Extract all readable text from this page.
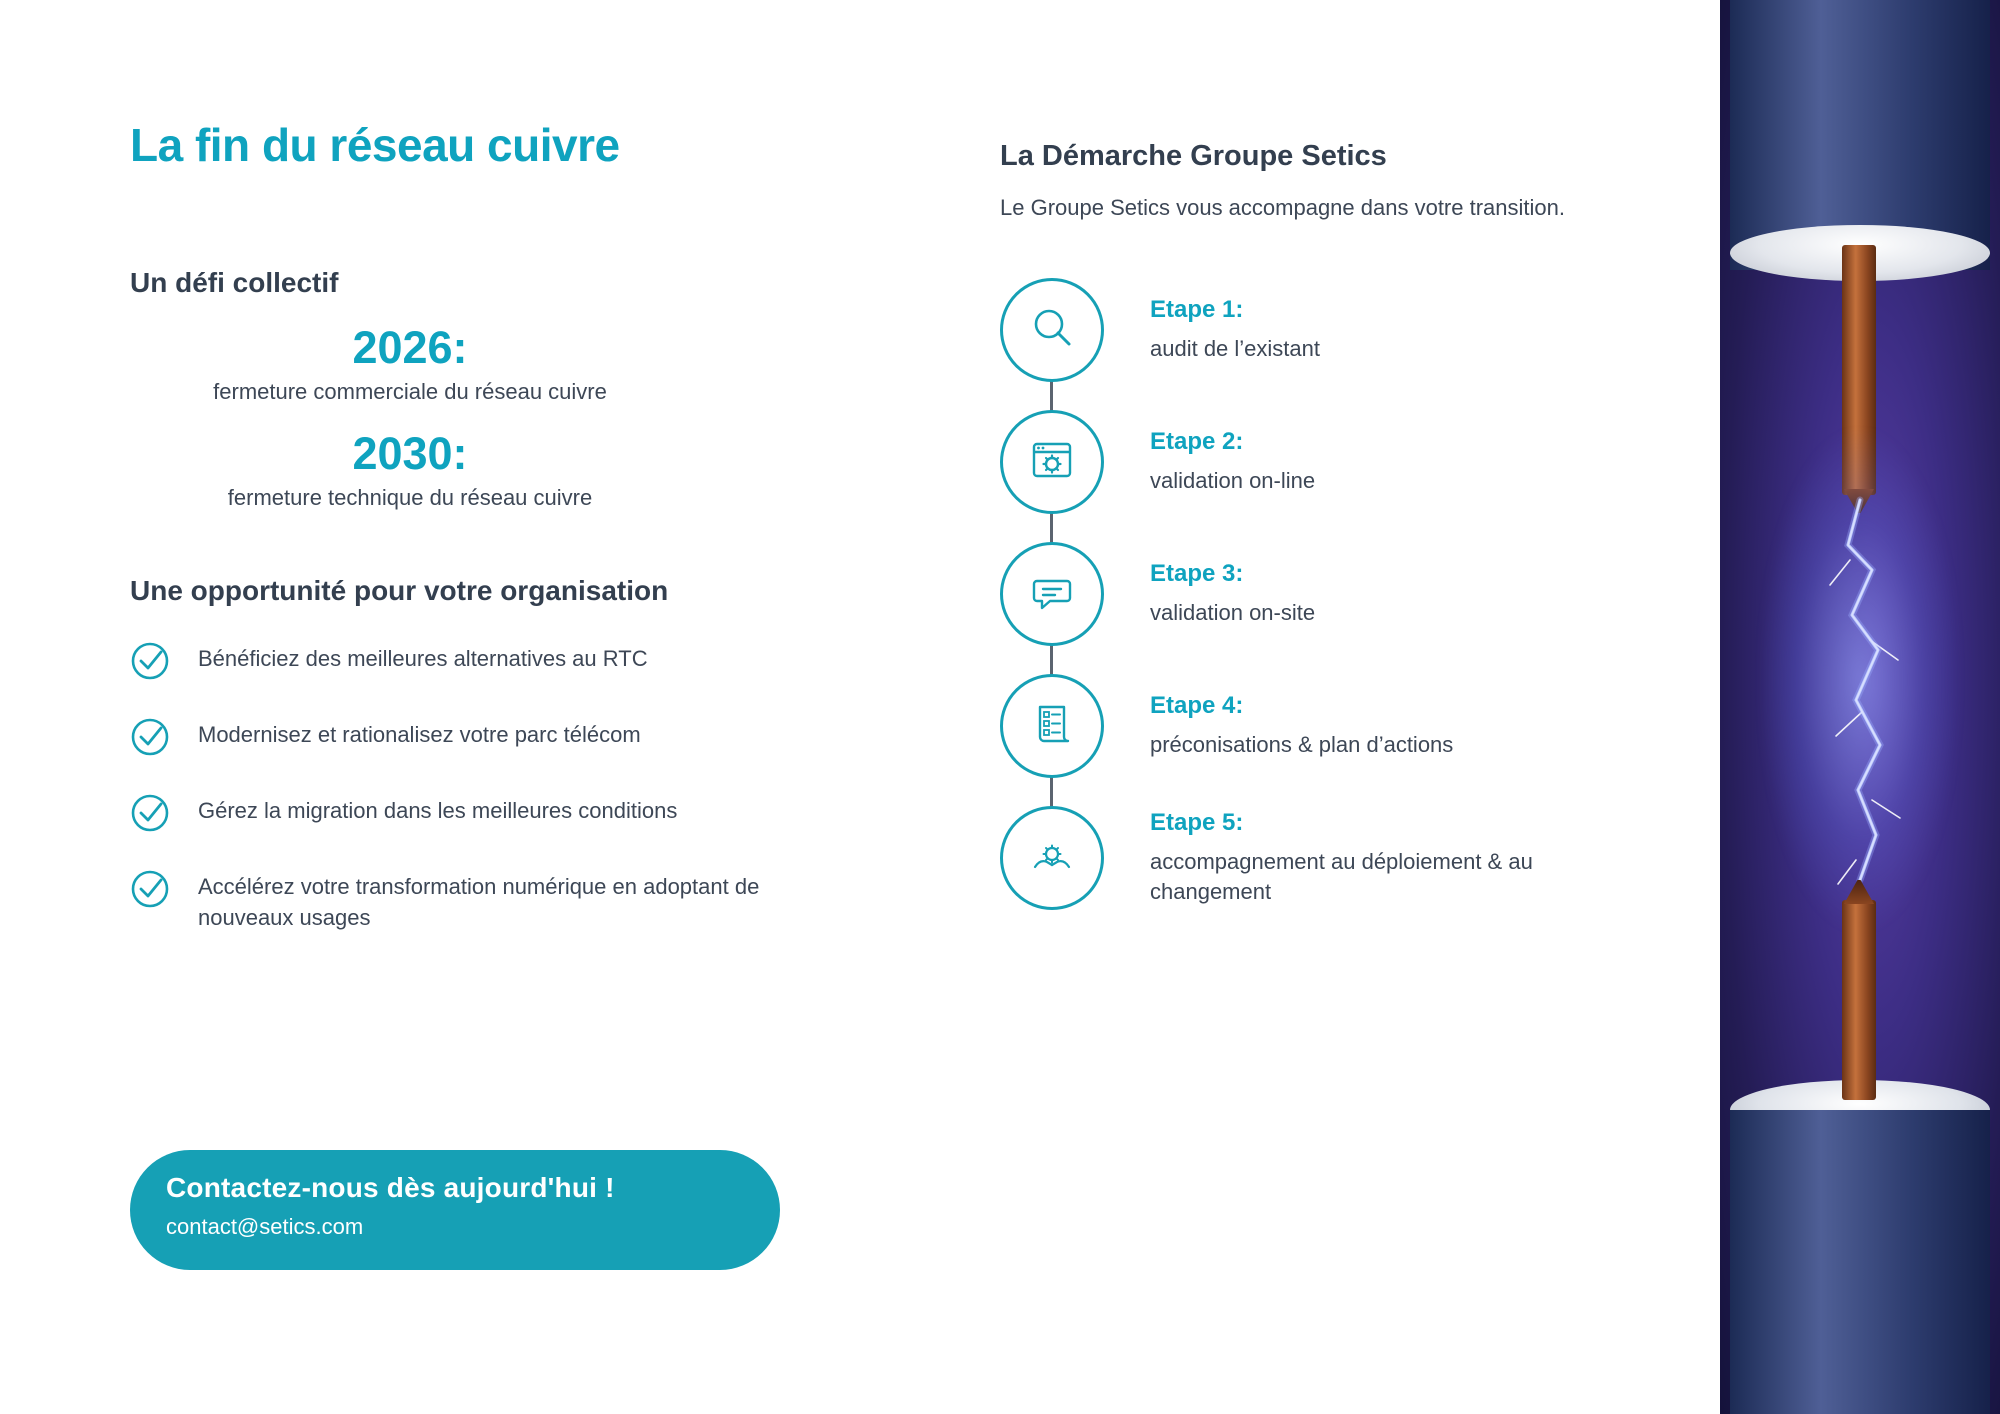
La fin du réseau cuivre
Un défi collectif
2026:
fermeture commerciale du réseau cuivre
2030:
fermeture technique du réseau cuivre
Une opportunité pour votre organisation
Bénéficiez des meilleures alternatives au RTC
Modernisez et rationalisez votre parc télécom
Gérez la migration dans les meilleures conditions
Accélérez votre transformation numérique en adoptant de nouveaux usages
Contactez-nous dès aujourd'hui !
contact@setics.com
La Démarche Groupe Setics

Le Groupe Setics vous accompagne dans votre transition.

Etape 1:
audit de l’existant
Etape 2:
validation on-line
Etape 3:
validation on-site
Etape 4:
préconisations & plan d’actions
Etape 5:
accompagnement au déploiement & au changement
